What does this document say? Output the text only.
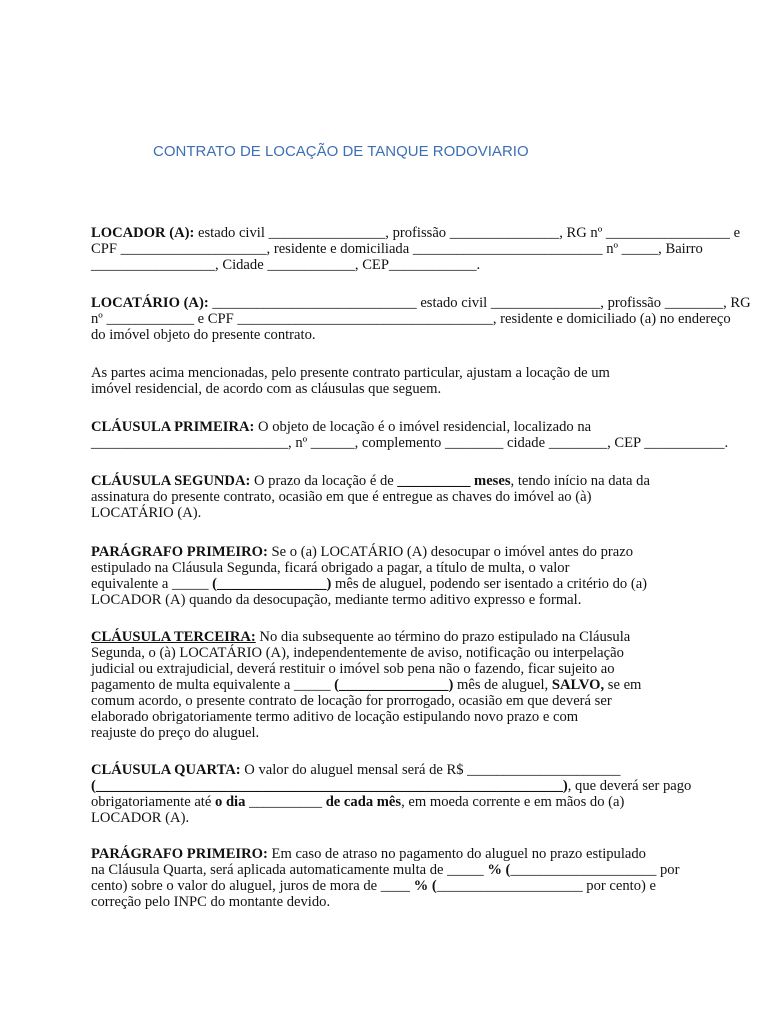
CONTRATO DE LOCAÇÃO DE TANQUE RODOVIARIO
LOCADOR (A): estado civil ________________, profissão _______________, RG nº _________________ e
CPF ____________________, residente e domiciliada __________________________ nº _____, Bairro
_________________, Cidade ____________, CEP____________.
LOCATÁRIO (A): ____________________________ estado civil _______________, profissão ________, RG
nº ____________ e CPF ___________________________________, residente e domiciliado (a) no endereço
do imóvel objeto do presente contrato.
As partes acima mencionadas, pelo presente contrato particular, ajustam a locação de um
imóvel residencial, de acordo com as cláusulas que seguem.
CLÁUSULA PRIMEIRA: O objeto de locação é o imóvel residencial, localizado na
___________________________, nº ______, complemento ________ cidade ________, CEP ___________.
CLÁUSULA SEGUNDA: O prazo da locação é de __________ meses, tendo início na data da
assinatura do presente contrato, ocasião em que é entregue as chaves do imóvel ao (à)
LOCATÁRIO (A).
PARÁGRAFO PRIMEIRO: Se o (a) LOCATÁRIO (A) desocupar o imóvel antes do prazo
estipulado na Cláusula Segunda, ficará obrigado a pagar, a título de multa, o valor
equivalente a _____ (_______________) mês de aluguel, podendo ser isentado a critério do (a)
LOCADOR (A) quando da desocupação, mediante termo aditivo expresso e formal.
CLÁUSULA TERCEIRA: No dia subsequente ao término do prazo estipulado na Cláusula
Segunda, o (à) LOCATÁRIO (A), independentemente de aviso, notificação ou interpelação
judicial ou extrajudicial, deverá restituir o imóvel sob pena não o fazendo, ficar sujeito ao
pagamento de multa equivalente a _____ (_______________) mês de aluguel, SALVO, se em
comum acordo, o presente contrato de locação for prorrogado, ocasião em que deverá ser
elaborado obrigatoriamente termo aditivo de locação estipulando novo prazo e com
reajuste do preço do aluguel.
CLÁUSULA QUARTA: O valor do aluguel mensal será de R$ _____________________
(________________________________________________________________), que deverá ser pago
obrigatoriamente até o dia __________ de cada mês, em moeda corrente e em mãos do (a)
LOCADOR (A).
PARÁGRAFO PRIMEIRO: Em caso de atraso no pagamento do aluguel no prazo estipulado
na Cláusula Quarta, será aplicada automaticamente multa de _____ % (____________________ por
cento) sobre o valor do aluguel, juros de mora de ____ % (____________________ por cento) e
correção pelo INPC do montante devido.
